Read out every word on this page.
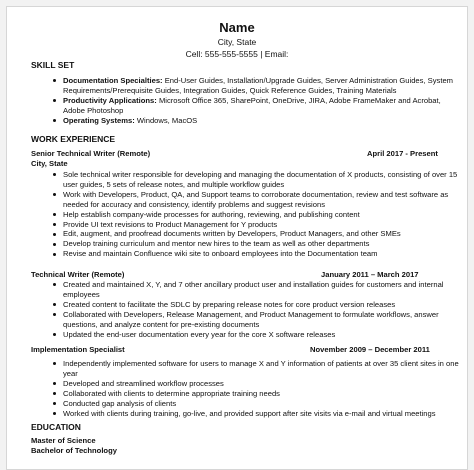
Name
City, State
Cell: 555-555-5555 | Email:
SKILL SET
Documentation Specialties: End-User Guides, Installation/Upgrade Guides, Server Administration Guides, System Requirements/Prerequisite Guides, Integration Guides, Quick Reference Guides, Training Materials
Productivity Applications: Microsoft Office 365, SharePoint, OneDrive, JIRA, Adobe FrameMaker and Acrobat, Adobe Photoshop
Operating Systems: Windows, MacOS
WORK EXPERIENCE
Senior Technical Writer (Remote)
City, State
April 2017 - Present
Sole technical writer responsible for developing and managing the documentation of X products, consisting of over 15 user guides, 5 sets of release notes, and multiple workflow guides
Work with Developers, Product, QA, and Support teams to corroborate documentation, review and test software as needed for accuracy and consistency, identify problems and suggest revisions
Help establish company-wide processes for authoring, reviewing, and publishing content
Provide UI text revisions to Product Management for Y products
Edit, augment, and proofread documents written by Developers, Product Managers, and other SMEs
Develop training curriculum and mentor new hires to the team as well as other departments
Revise and maintain Confluence wiki site to onboard employees into the Documentation team
Technical Writer (Remote)	January 2011 – March 2017
Created and maintained X, Y, and 7 other ancillary product user and installation guides for customers and internal employees
Created content to facilitate the SDLC by preparing release notes for core product version releases
Collaborated with Developers, Release Management, and Product Management to formulate workflows, answer questions, and analyze content for pre-existing documents
Updated the end-user documentation every year for the core X software releases
Implementation Specialist	November 2009 – December 2011
Independently implemented software for users to manage X and Y information of patients at over 35 client sites in one year
Developed and streamlined workflow processes
Collaborated with clients to determine appropriate training needs
Conducted gap analysis of clients
Worked with clients during training, go-live, and provided support after site visits via e-mail and virtual meetings
EDUCATION
Master of Science
Bachelor of Technology
